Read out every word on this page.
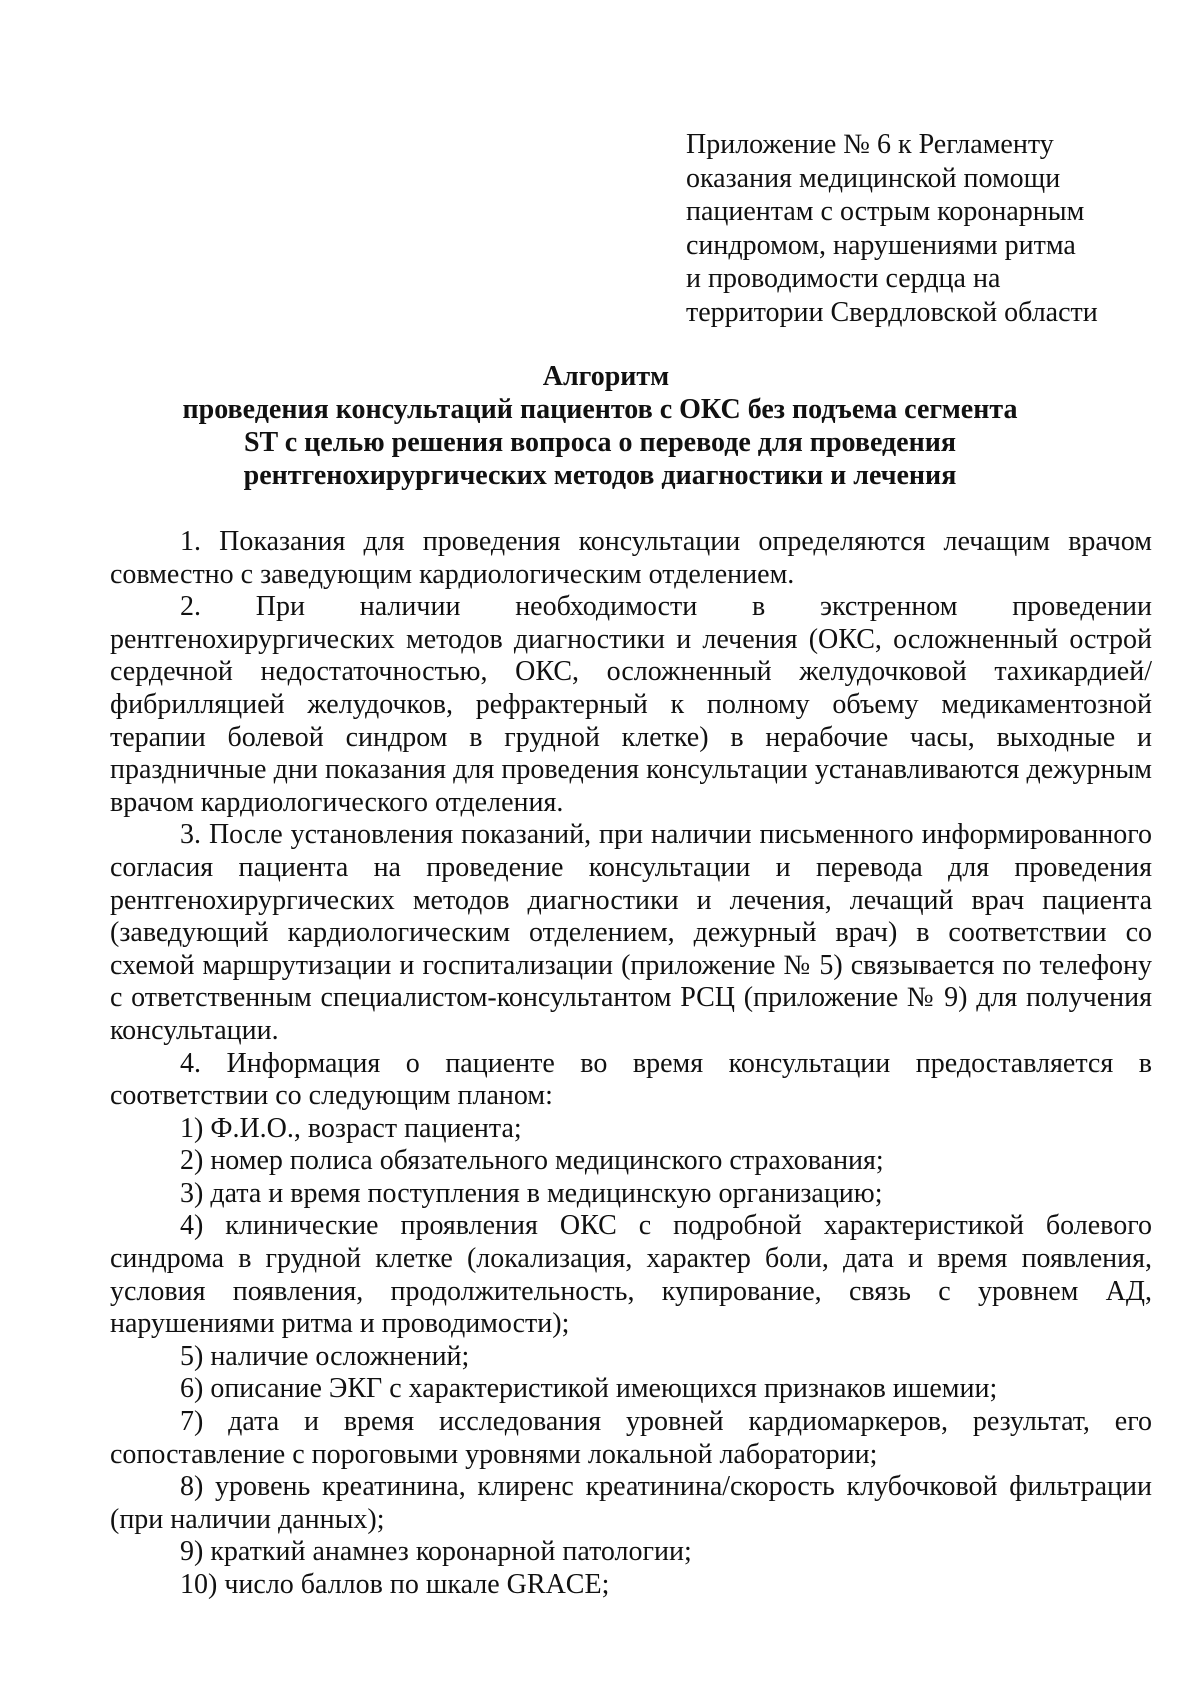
Приложение № 6 к Регламенту
оказания медицинской помощи
пациентам с острым коронарным
синдромом, нарушениями ритма
и проводимости сердца на
территории Свердловской области
Алгоритм
проведения консультаций пациентов с ОКС без подъема сегмента
ST с целью решения вопроса о переводе для проведения
рентгенохирургических методов диагностики и лечения

1. Показания для проведения консультации определяются лечащим врачом совместно с заведующим кардиологическим отделением.

2. При наличии необходимости в экстренном проведении рентгенохирургических методов диагностики и лечения (ОКС, осложненный острой сердечной недостаточностью, ОКС, осложненный желудочковой тахикардией/фибрилляцией желудочков, рефрактерный к полному объему медикаментозной терапии болевой синдром в грудной клетке) в нерабочие часы, выходные и праздничные дни показания для проведения консультации устанавливаются дежурным врачом кардиологического отделения.

3. После установления показаний, при наличии письменного информированного согласия пациента на проведение консультации и перевода для проведения рентгенохирургических методов диагностики и лечения, лечащий врач пациента (заведующий кардиологическим отделением, дежурный врач) в соответствии со схемой маршрутизации и госпитализации (приложение № 5) связывается по телефону с ответственным специалистом-консультантом РСЦ (приложение № 9) для получения консультации.

4. Информация о пациенте во время консультации предоставляется в соответствии со следующим планом:

1) Ф.И.О., возраст пациента;

2) номер полиса обязательного медицинского страхования;

3) дата и время поступления в медицинскую организацию;

4) клинические проявления ОКС с подробной характеристикой болевого синдрома в грудной клетке (локализация, характер боли, дата и время появления, условия появления, продолжительность, купирование, связь с уровнем АД, нарушениями ритма и проводимости);

5) наличие осложнений;

6) описание ЭКГ с характеристикой имеющихся признаков ишемии;

7) дата и время исследования уровней кардиомаркеров, результат, его сопоставление с пороговыми уровнями локальной лаборатории;

8) уровень креатинина, клиренс креатинина/скорость клубочковой фильтрации (при наличии данных);

9) краткий анамнез коронарной патологии;

10) число баллов по шкале GRACE;
